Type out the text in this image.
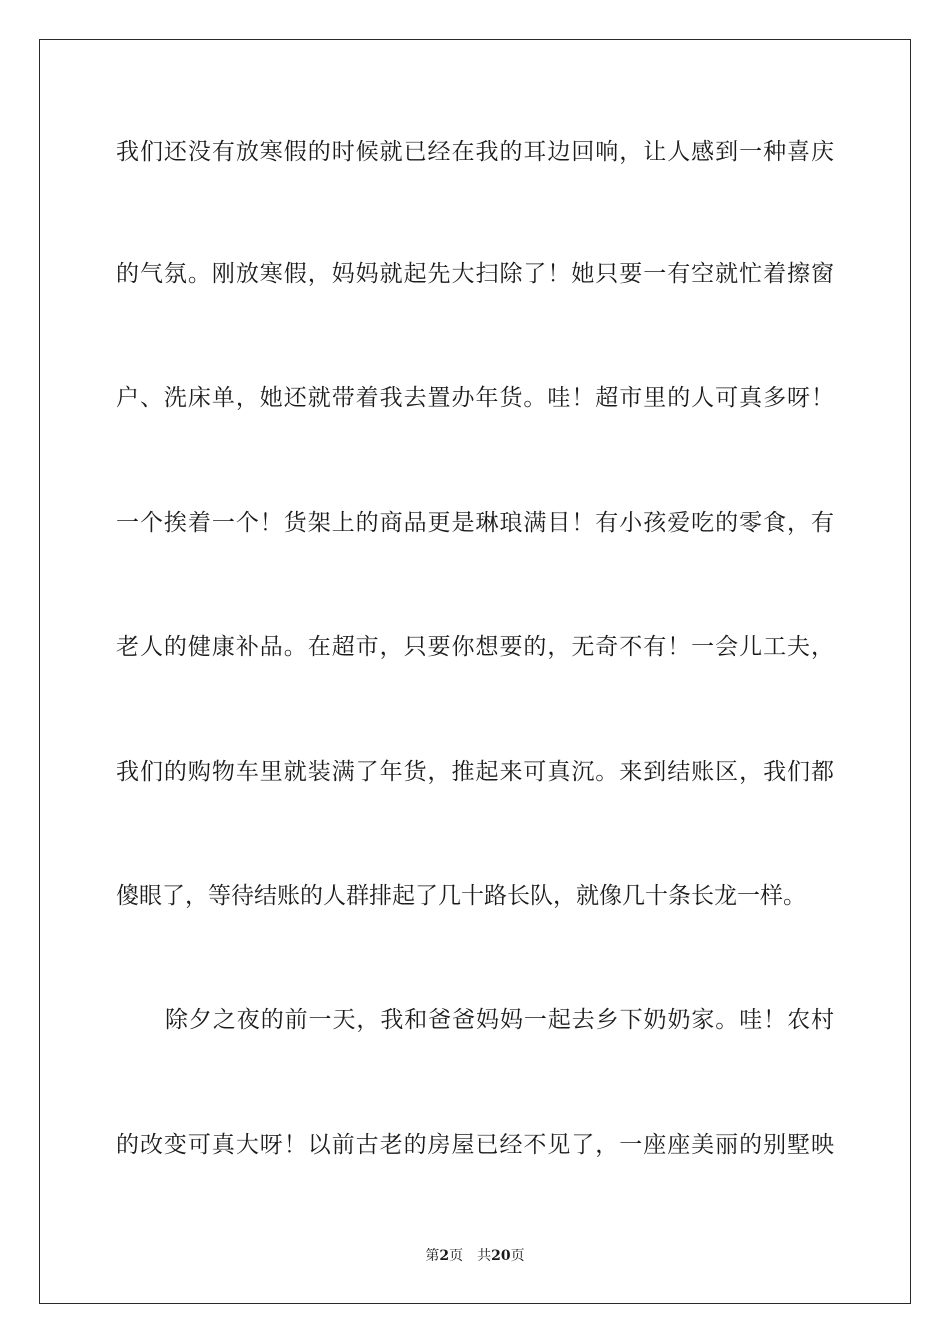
我们还没有放寒假的时候就已经在我的耳边回响，让人感到一种喜庆
的气氛。刚放寒假，妈妈就起先大扫除了！她只要一有空就忙着擦窗
户、洗床单，她还就带着我去置办年货。哇！超市里的人可真多呀！
一个挨着一个！货架上的商品更是琳琅满目！有小孩爱吃的零食，有
老人的健康补品。在超市，只要你想要的，无奇不有！一会儿工夫，
我们的购物车里就装满了年货，推起来可真沉。来到结账区，我们都
傻眼了，等待结账的人群排起了几十路长队，就像几十条长龙一样。
除夕之夜的前一天，我和爸爸妈妈一起去乡下奶奶家。哇！农村
的改变可真大呀！以前古老的房屋已经不见了，一座座美丽的别墅映
第2页 共20页
